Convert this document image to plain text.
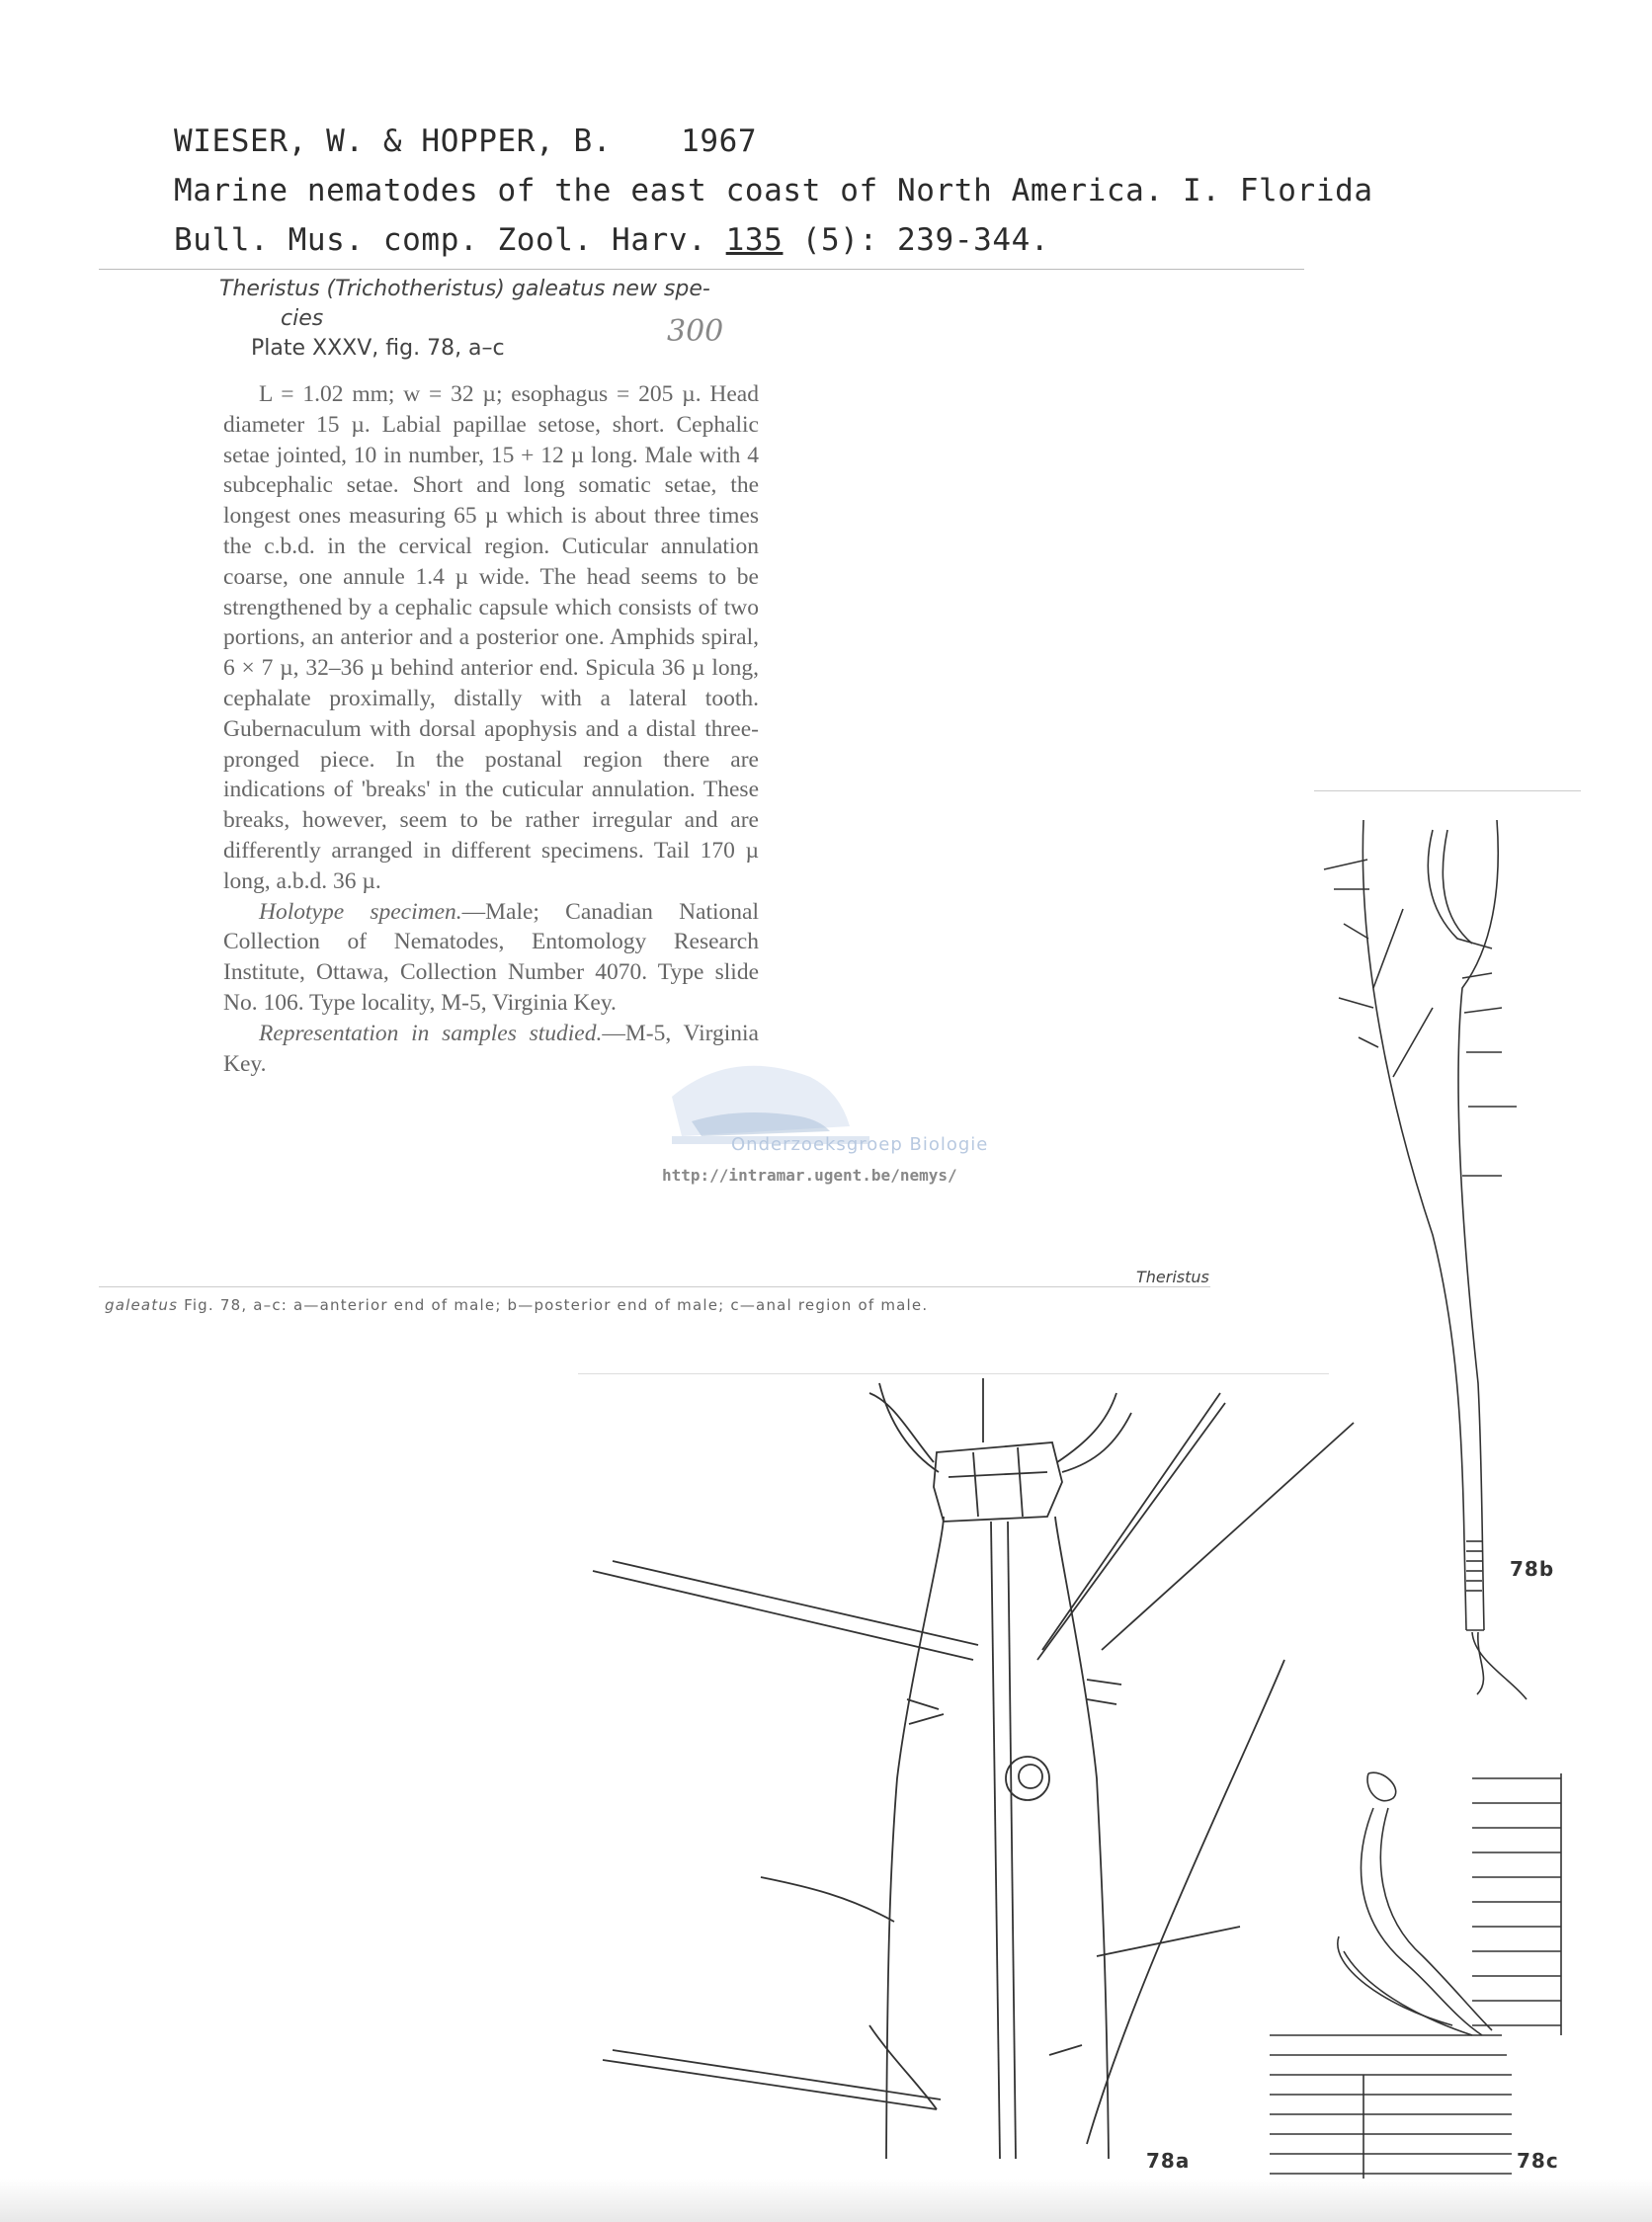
WIESER, W. & HOPPER, B. 1967
Marine nematodes of the east coast of North America. I. Florida
Bull. Mus. comp. Zool. Harv. 135 (5): 239-344.
Theristus (Trichotheristus) galeatus new spe-
cies
Plate XXXV, fig. 78, a–c	300

L = 1.02 mm; w = 32 µ; esophagus = 205 µ. Head diameter 15 µ. Labial papillae setose, short. Cephalic setae jointed, 10 in number, 15 + 12 µ long. Male with 4 subcephalic setae. Short and long somatic setae, the longest ones measuring 65 µ which is about three times the c.b.d. in the cervical region. Cuticular annulation coarse, one annule 1.4 µ wide. The head seems to be strengthened by a cephalic capsule which consists of two portions, an anterior and a posterior one. Amphids spiral, 6 × 7 µ, 32–36 µ behind anterior end. Spicula 36 µ long, cephalate proximally, distally with a lateral tooth. Gubernaculum with dorsal apophysis and a distal three-pronged piece. In the postanal region there are indications of 'breaks' in the cuticular annulation. These breaks, however, seem to be rather irregular and are differently arranged in different specimens. Tail 170 µ long, a.b.d. 36 µ.

Holotype specimen.—Male; Canadian National Collection of Nematodes, Entomology Research Institute, Ottawa, Collection Number 4070. Type slide No. 106. Type locality, M-5, Virginia Key.

Representation in samples studied.—M-5, Virginia Key.

Onderzoeksgroep Biologie
http://intramar.ugent.be/nemys/
Theristus
galeatus Fig. 78, a–c: a—anterior end of male; b—posterior end of male; c—anal region of male.
78b
78a	78c
